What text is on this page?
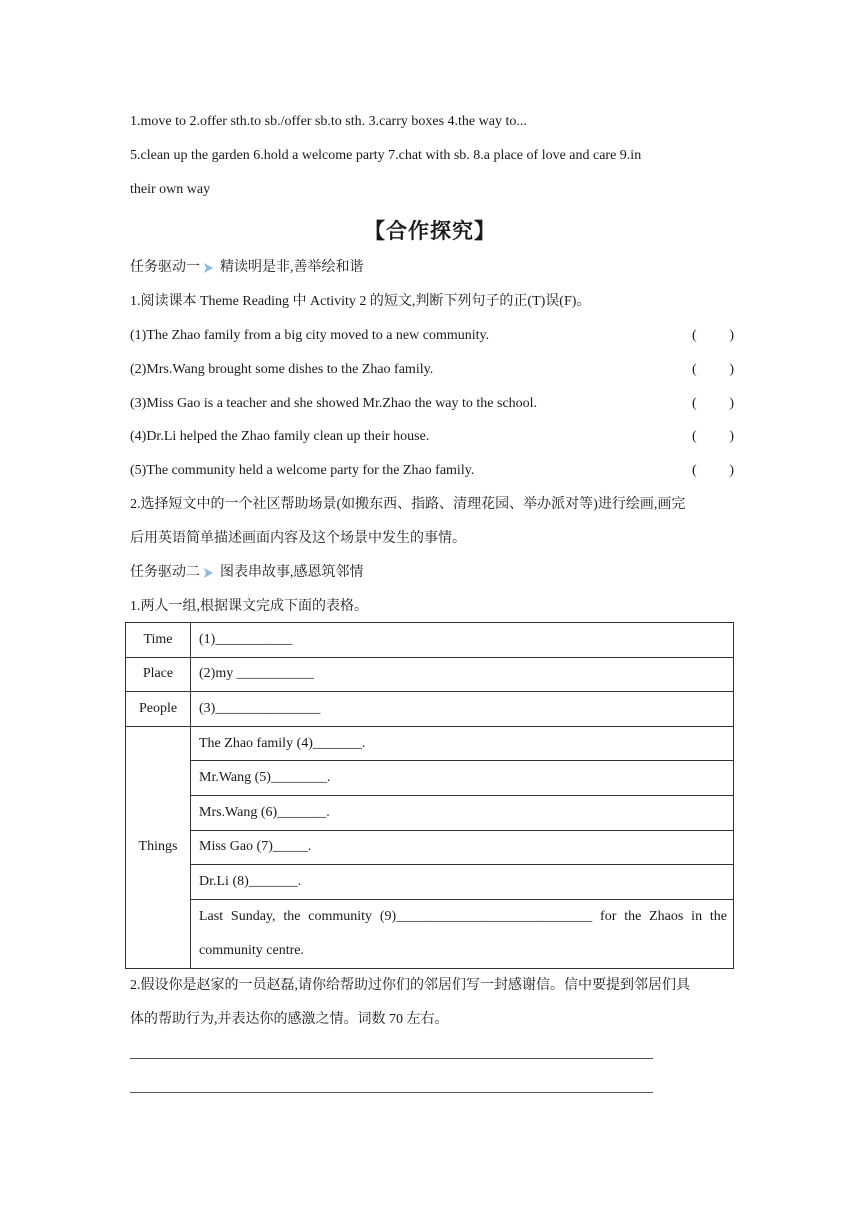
1.move to 2.offer sth.to sb./offer sb.to sth. 3.carry boxes 4.the way to...
5.clean up the garden 6.hold a welcome party 7.chat with sb. 8.a place of love and care 9.in
their own way
【合作探究】
任务驱动一 精读明是非,善举绘和谐
1.阅读课本 Theme Reading 中 Activity 2 的短文,判断下列句子的正(T)误(F)。
(1)The Zhao family from a big city moved to a new community.	( )
(2)Mrs.Wang brought some dishes to the Zhao family.	( )
(3)Miss Gao is a teacher and she showed Mr.Zhao the way to the school.	( )
(4)Dr.Li helped the Zhao family clean up their house.	( )
(5)The community held a welcome party for the Zhao family.	( )
2.选择短文中的一个社区帮助场景(如搬东西、指路、清理花园、举办派对等)进行绘画,画完
后用英语简单描述画面内容及这个场景中发生的事情。
任务驱动二 图表串故事,感恩筑邻情
1.两人一组,根据课文完成下面的表格。
Time	(1)___________
Place	(2)my ___________
People	(3)_______________
Things	The Zhao family (4)_______.
	Mr.Wang (5)________.
	Mrs.Wang (6)_______.
	Miss Gao (7)_____.
	Dr.Li (8)_______.
	Last Sunday, the community (9)____________________________ for the Zhaos in the community centre.
2.假设你是赵家的一员赵磊,请你给帮助过你们的邻居们写一封感谢信。信中要提到邻居们具
体的帮助行为,并表达你的感激之情。词数 70 左右。
